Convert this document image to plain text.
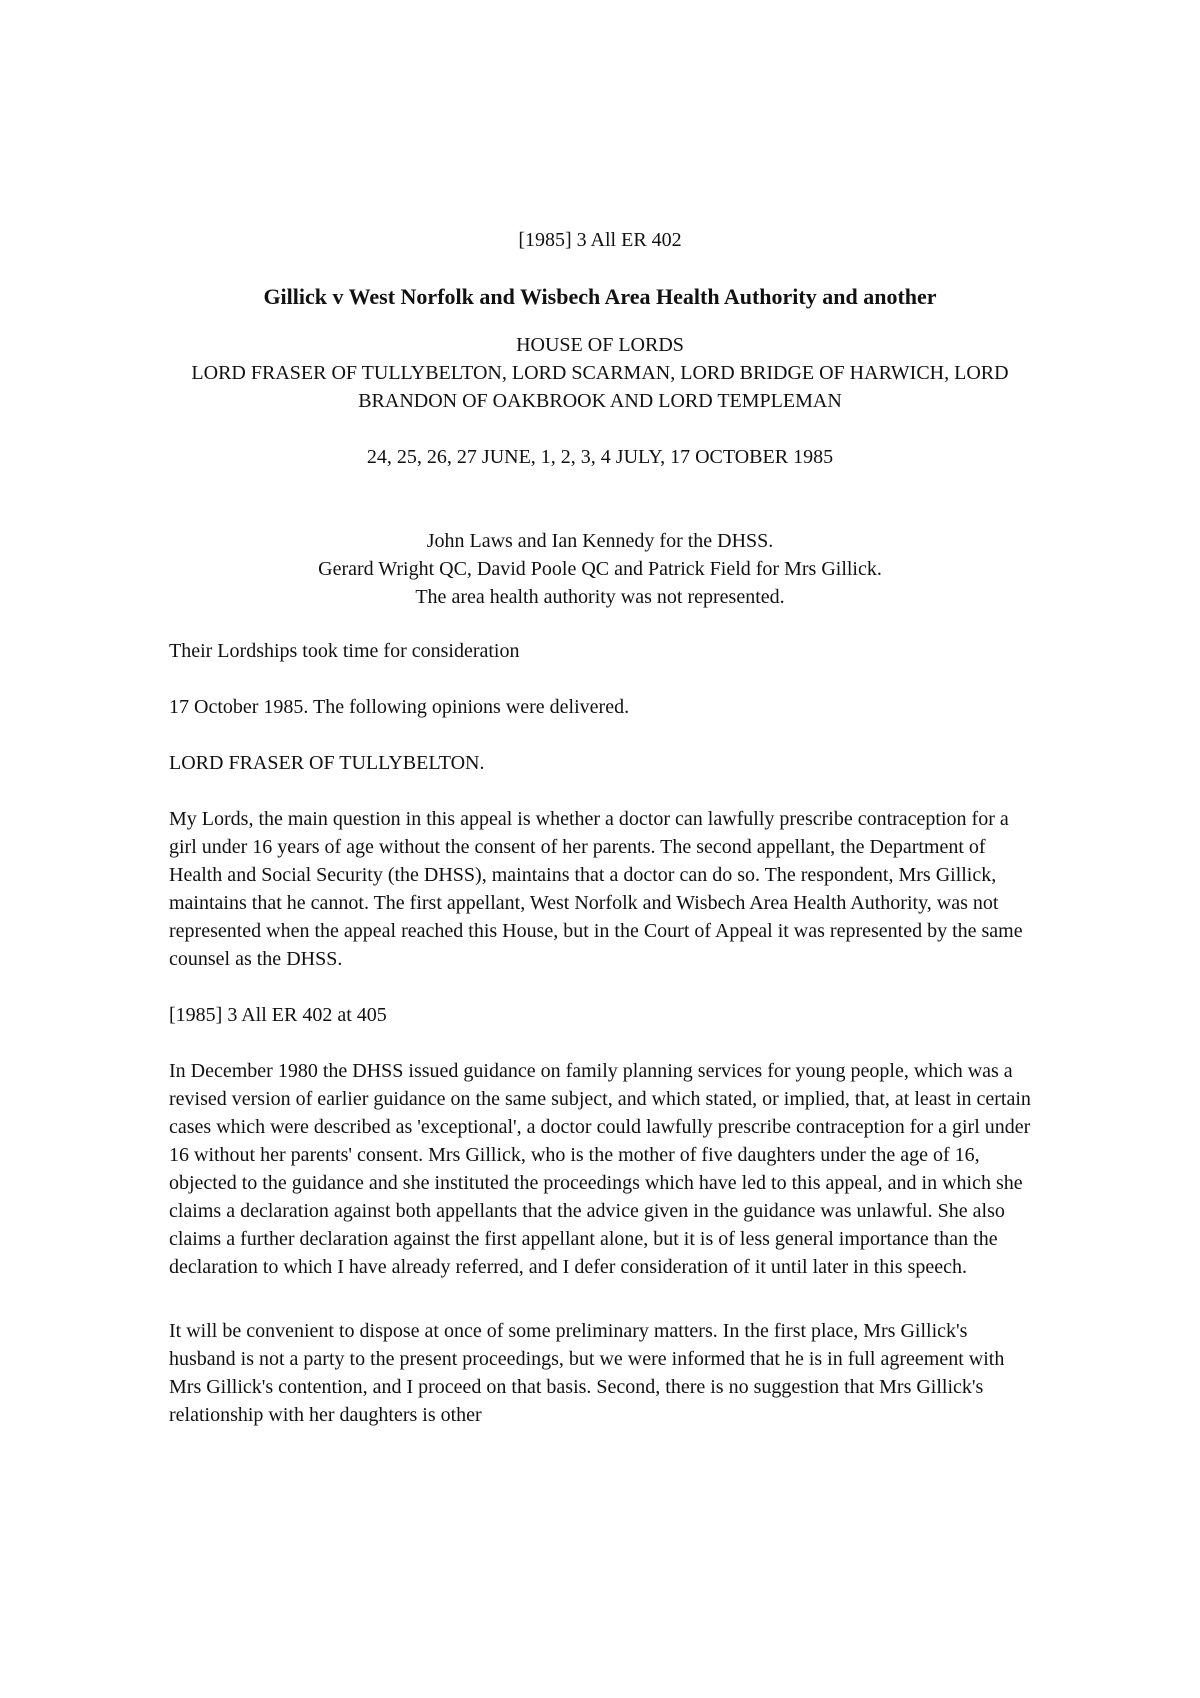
[1985] 3 All ER 402

Gillick v West Norfolk and Wisbech Area Health Authority and another

HOUSE OF LORDS

LORD FRASER OF TULLYBELTON, LORD SCARMAN, LORD BRIDGE OF HARWICH, LORD BRANDON OF OAKBROOK AND LORD TEMPLEMAN

24, 25, 26, 27 JUNE, 1, 2, 3, 4 JULY, 17 OCTOBER 1985

John Laws and Ian Kennedy for the DHSS.
Gerard Wright QC, David Poole QC and Patrick Field for Mrs Gillick.
The area health authority was not represented.

Their Lordships took time for consideration

17 October 1985. The following opinions were delivered.

LORD FRASER OF TULLYBELTON.

My Lords, the main question in this appeal is whether a doctor can lawfully prescribe contraception for a girl under 16 years of age without the consent of her parents. The second appellant, the Department of Health and Social Security (the DHSS), maintains that a doctor can do so. The respondent, Mrs Gillick, maintains that he cannot. The first appellant, West Norfolk and Wisbech Area Health Authority, was not represented when the appeal reached this House, but in the Court of Appeal it was represented by the same counsel as the DHSS.

[1985] 3 All ER 402 at 405

In December 1980 the DHSS issued guidance on family planning services for young people, which was a revised version of earlier guidance on the same subject, and which stated, or implied, that, at least in certain cases which were described as 'exceptional', a doctor could lawfully prescribe contraception for a girl under 16 without her parents' consent. Mrs Gillick, who is the mother of five daughters under the age of 16, objected to the guidance and she instituted the proceedings which have led to this appeal, and in which she claims a declaration against both appellants that the advice given in the guidance was unlawful. She also claims a further declaration against the first appellant alone, but it is of less general importance than the declaration to which I have already referred, and I defer consideration of it until later in this speech.

It will be convenient to dispose at once of some preliminary matters. In the first place, Mrs Gillick's husband is not a party to the present proceedings, but we were informed that he is in full agreement with Mrs Gillick's contention, and I proceed on that basis. Second, there is no suggestion that Mrs Gillick's relationship with her daughters is other
